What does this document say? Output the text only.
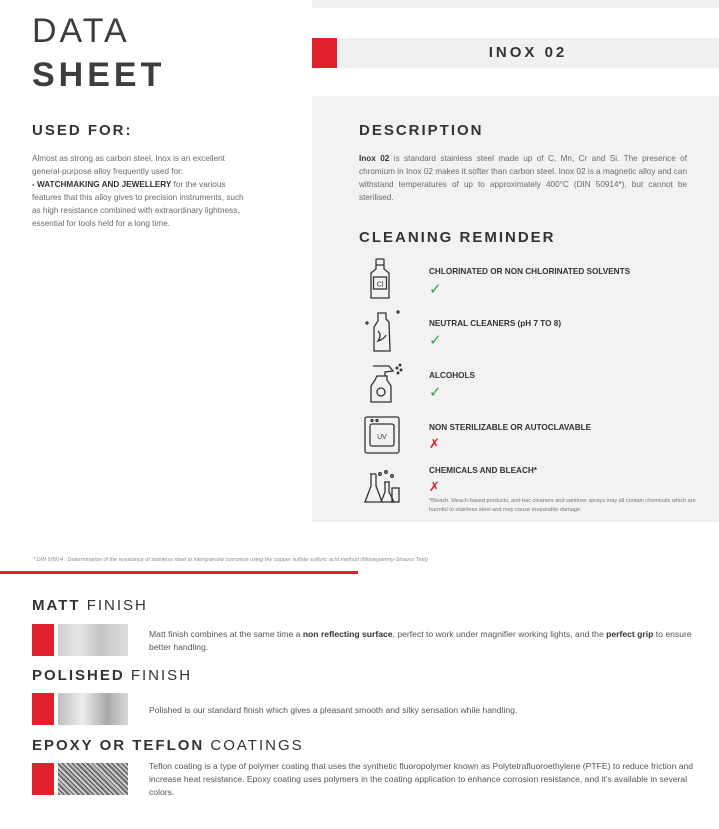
DATA
SHEET
INOX 02
USED FOR:
Almost as strong as carbon steel, Inox is an excellent general-purpose alloy frequently used for:
- WATCHMAKING AND JEWELLERY for the various features that this alloy gives to precision instruments, such as high resistance combined with extraordinary lightness, essential for tools held for a long time.
DESCRIPTION
Inox 02 is standard stainless steel made up of C, Mn, Cr and Si. The presence of chromium in Inox 02 makes it softer than carbon steel. Inox 02 is a magnetic alloy and can withstand temperatures of up to approximately 400°C (DIN 50914*), but cannot be sterilised.
CLEANING REMINDER
Cl
CHLORINATED OR NON CHLORINATED SOLVENTS
✓
NEUTRAL CLEANERS (pH 7 TO 8)
✓
ALCOHOLS
✓
UV
NON STERILIZABLE OR AUTOCLAVABLE
✗
CHEMICALS AND BLEACH*
✗
*Bleach, bleach-based products, anti-bac cleaners and sanitizer sprays may all contain chemicals which are harmful to stainless steel and may cause irreparable damage.
* DIN 50914 : Determination of the resistance of stainless steel to intergranular corrosion using the copper sulfate sulfuric acid method (Moneypenny-Strauss Test)
MATT FINISH
Matt finish combines at the same time a non reflecting surface, perfect to work under magnifier working lights, and the perfect grip to ensure better handling.
POLISHED FINISH
Polished is our standard finish which gives a pleasant smooth and silky sensation while handling.
EPOXY OR TEFLON COATINGS
Teflon coating is a type of polymer coating that uses the synthetic fluoropolymer known as Polytetrafluoroethylene (PTFE) to reduce friction and increase heat resistance. Epoxy coating uses polymers in the coating application to enhance corrosion resistance, and it's available in several colors.
